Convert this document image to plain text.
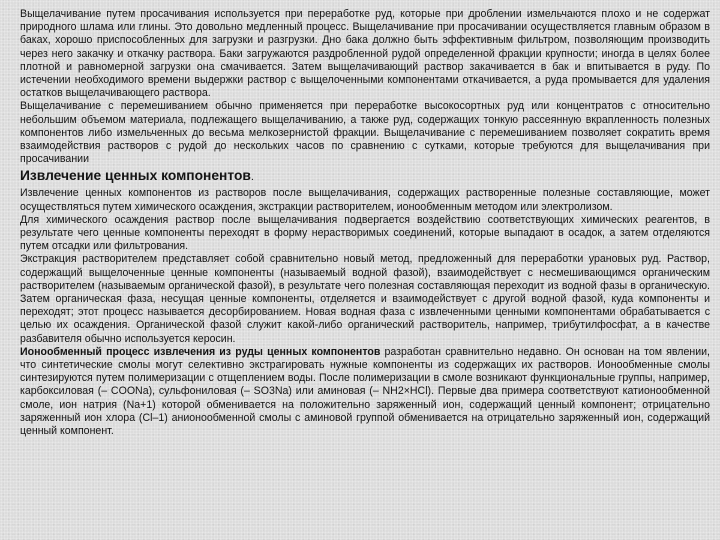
Выщелачивание путем просачивания используется при переработке руд, которые при дроблении измельчаются плохо и не содержат природного шлама или глины. Это довольно медленный процесс. Выщелачивание при просачивании осуществляется главным образом в баках, хорошо приспособленных для загрузки и разгрузки. Дно бака должно быть эффективным фильтром, позволяющим производить через него закачку и откачку раствора. Баки загружаются раздробленной рудой определенной фракции крупности; иногда в целях более плотной и равномерной загрузки она смачивается. Затем выщелачивающий раствор закачивается в бак и впитывается в руду. По истечении необходимого времени выдержки раствор с выщелоченными компонентами откачивается, а руда промывается для удаления остатков выщелачивающего раствора.

Выщелачивание с перемешиванием обычно применяется при переработке высокосортных руд или концентратов с относительно небольшим объемом материала, подлежащего выщелачиванию, а также руд, содержащих тонкую рассеянную вкрапленность полезных компонентов либо измельченных до весьма мелкозернистой фракции. Выщелачивание с перемешиванием позволяет сократить время взаимодействия растворов с рудой до нескольких часов по сравнению с сутками, которые требуются для выщелачивания при просачивании

Извлечение ценных компонентов.

Извлечение ценных компонентов из растворов после выщелачивания, содержащих растворенные полезные составляющие, может осуществляться путем химического осаждения, экстракции растворителем, ионообменным методом или электролизом.

Для химического осаждения раствор после выщелачивания подвергается воздействию соответствующих химических реагентов, в результате чего ценные компоненты переходят в форму нерастворимых соединений, которые выпадают в осадок, а затем отделяются путем отсадки или фильтрования.

Экстракция растворителем представляет собой сравнительно новый метод, предложенный для переработки урановых руд. Раствор, содержащий выщелоченные ценные компоненты (называемый водной фазой), взаимодействует с несмешивающимся органическим растворителем (называемым органической фазой), в результате чего полезная составляющая переходит из водной фазы в органическую. Затем органическая фаза, несущая ценные компоненты, отделяется и взаимодействует с другой водной фазой, куда компоненты и переходят; этот процесс называется десорбированием. Новая водная фаза с извлеченными ценными компонентами обрабатывается с целью их осаждения. Органической фазой служит какой-либо органический растворитель, например, трибутилфосфат, а в качестве разбавителя обычно используется керосин.

Ионообменный процесс извлечения из руды ценных компонентов разработан сравнительно недавно. Он основан на том явлении, что синтетические смолы могут селективно экстрагировать нужные компоненты из содержащих их растворов. Ионообменные смолы синтезируются путем полимеризации с отщеплением воды. После полимеризации в смоле возникают функциональные группы, например, карбоксиловая (– COONa), сульфониловая (– SO3Na) или аминовая (– NH2×HCl). Первые два примера соответствуют катионообменной смоле, ион натрия (Na+1) которой обменивается на положительно заряженный ион, содержащий ценный компонент; отрицательно заряженный ион хлора (Cl–1) анионообменной смолы с аминовой группой обменивается на отрицательно заряженный ион, содержащий ценный компонент.
